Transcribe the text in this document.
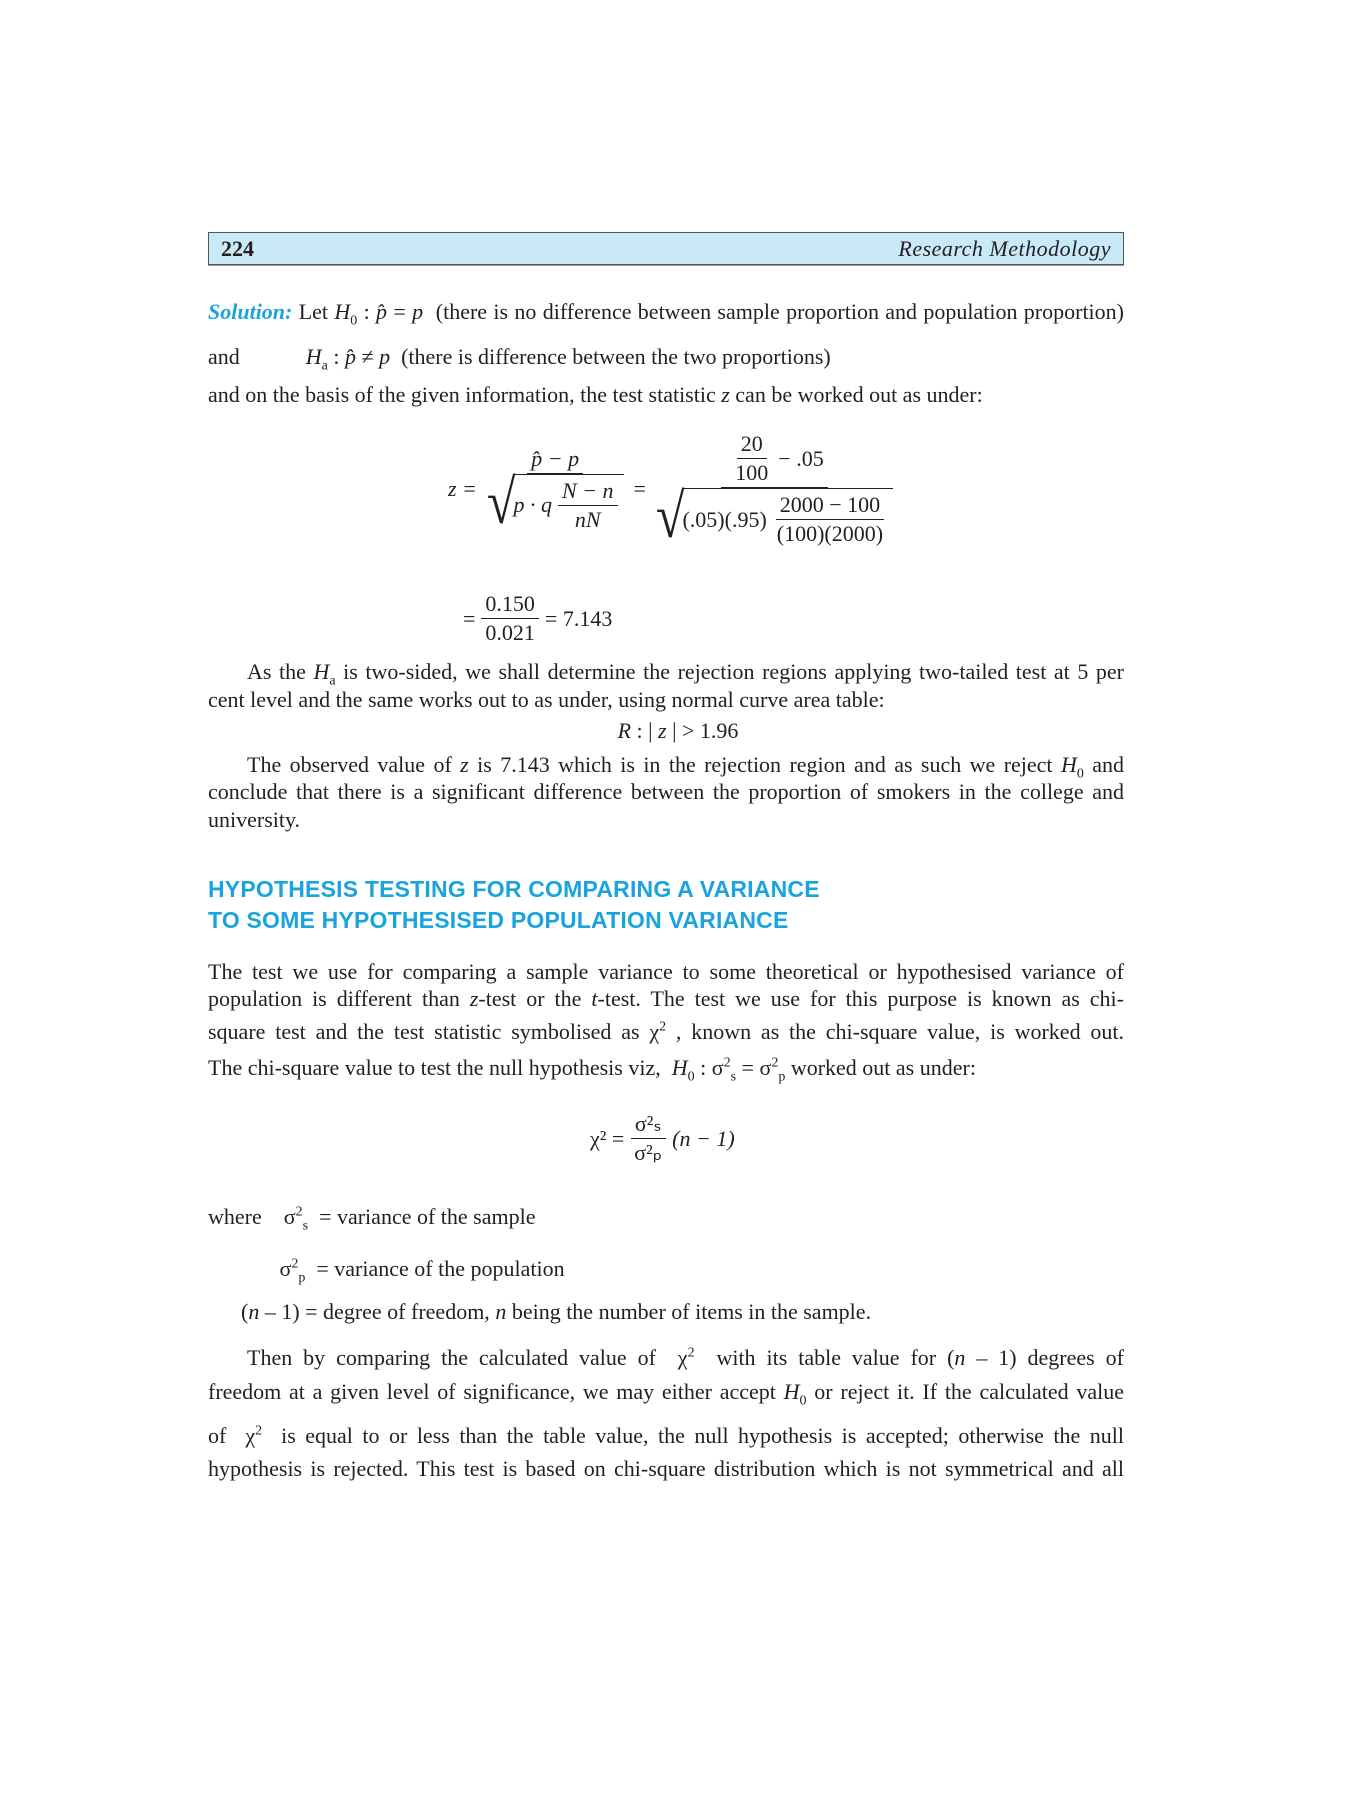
224	Research Methodology
Solution: Let $H_0$ : p̂ = p  (there is no difference between sample proportion and population proportion)
and	$H_a$ : p̂ ≠ p  (there is difference between the two proportions)
and on the basis of the given information, the test statistic z can be worked out as under:
As the $H_a$ is two-sided, we shall determine the rejection regions applying two-tailed test at 5 per
cent level and the same works out to as under, using normal curve area table:
R : | z | > 1.96
The observed value of z is 7.143 which is in the rejection region and as such we reject $H_0$ and
conclude that there is a significant difference between the proportion of smokers in the college and
university.
The test we use for comparing a sample variance to some theoretical or hypothesised variance of
population is different than z-test or the t-test. The test we use for this purpose is known as chi-
square test and the test statistic symbolised as $\chi^2$ , known as the chi-square value, is worked out.
The chi-square value to test the null hypothesis viz,  $H_0$ : $\sigma^2_s = \sigma^2_p$ worked out as under:
where    $\sigma^2_s$  = variance of the sample
$\sigma^2_p$  = variance of the population
(n – 1) = degree of freedom, n being the number of items in the sample.
Then by comparing the calculated value of  $\chi^2$  with its table value for (n – 1) degrees of
freedom at a given level of significance, we may either accept $H_0$ or reject it. If the calculated value
of  $\chi^2$  is equal to or less than the table value, the null hypothesis is accepted; otherwise the null
hypothesis is rejected. This test is based on chi-square distribution which is not symmetrical and all
z = p̂ − p
√
p · q $\frac{N - n}{nN} = \frac{20}{100} - .05$
√
$(.05)(.95) \frac{2000 - 100}{(100)(2000)}$
= $\frac{0.150}{0.021} = 7.143$
HYPOTHESIS TESTING FOR COMPARING A VARIANCE
TO SOME HYPOTHESISED POPULATION VARIANCE
$\chi^2 = \frac{\text{σ²ₛ}}{\text{σ²ₚ}} (n - 1)$
